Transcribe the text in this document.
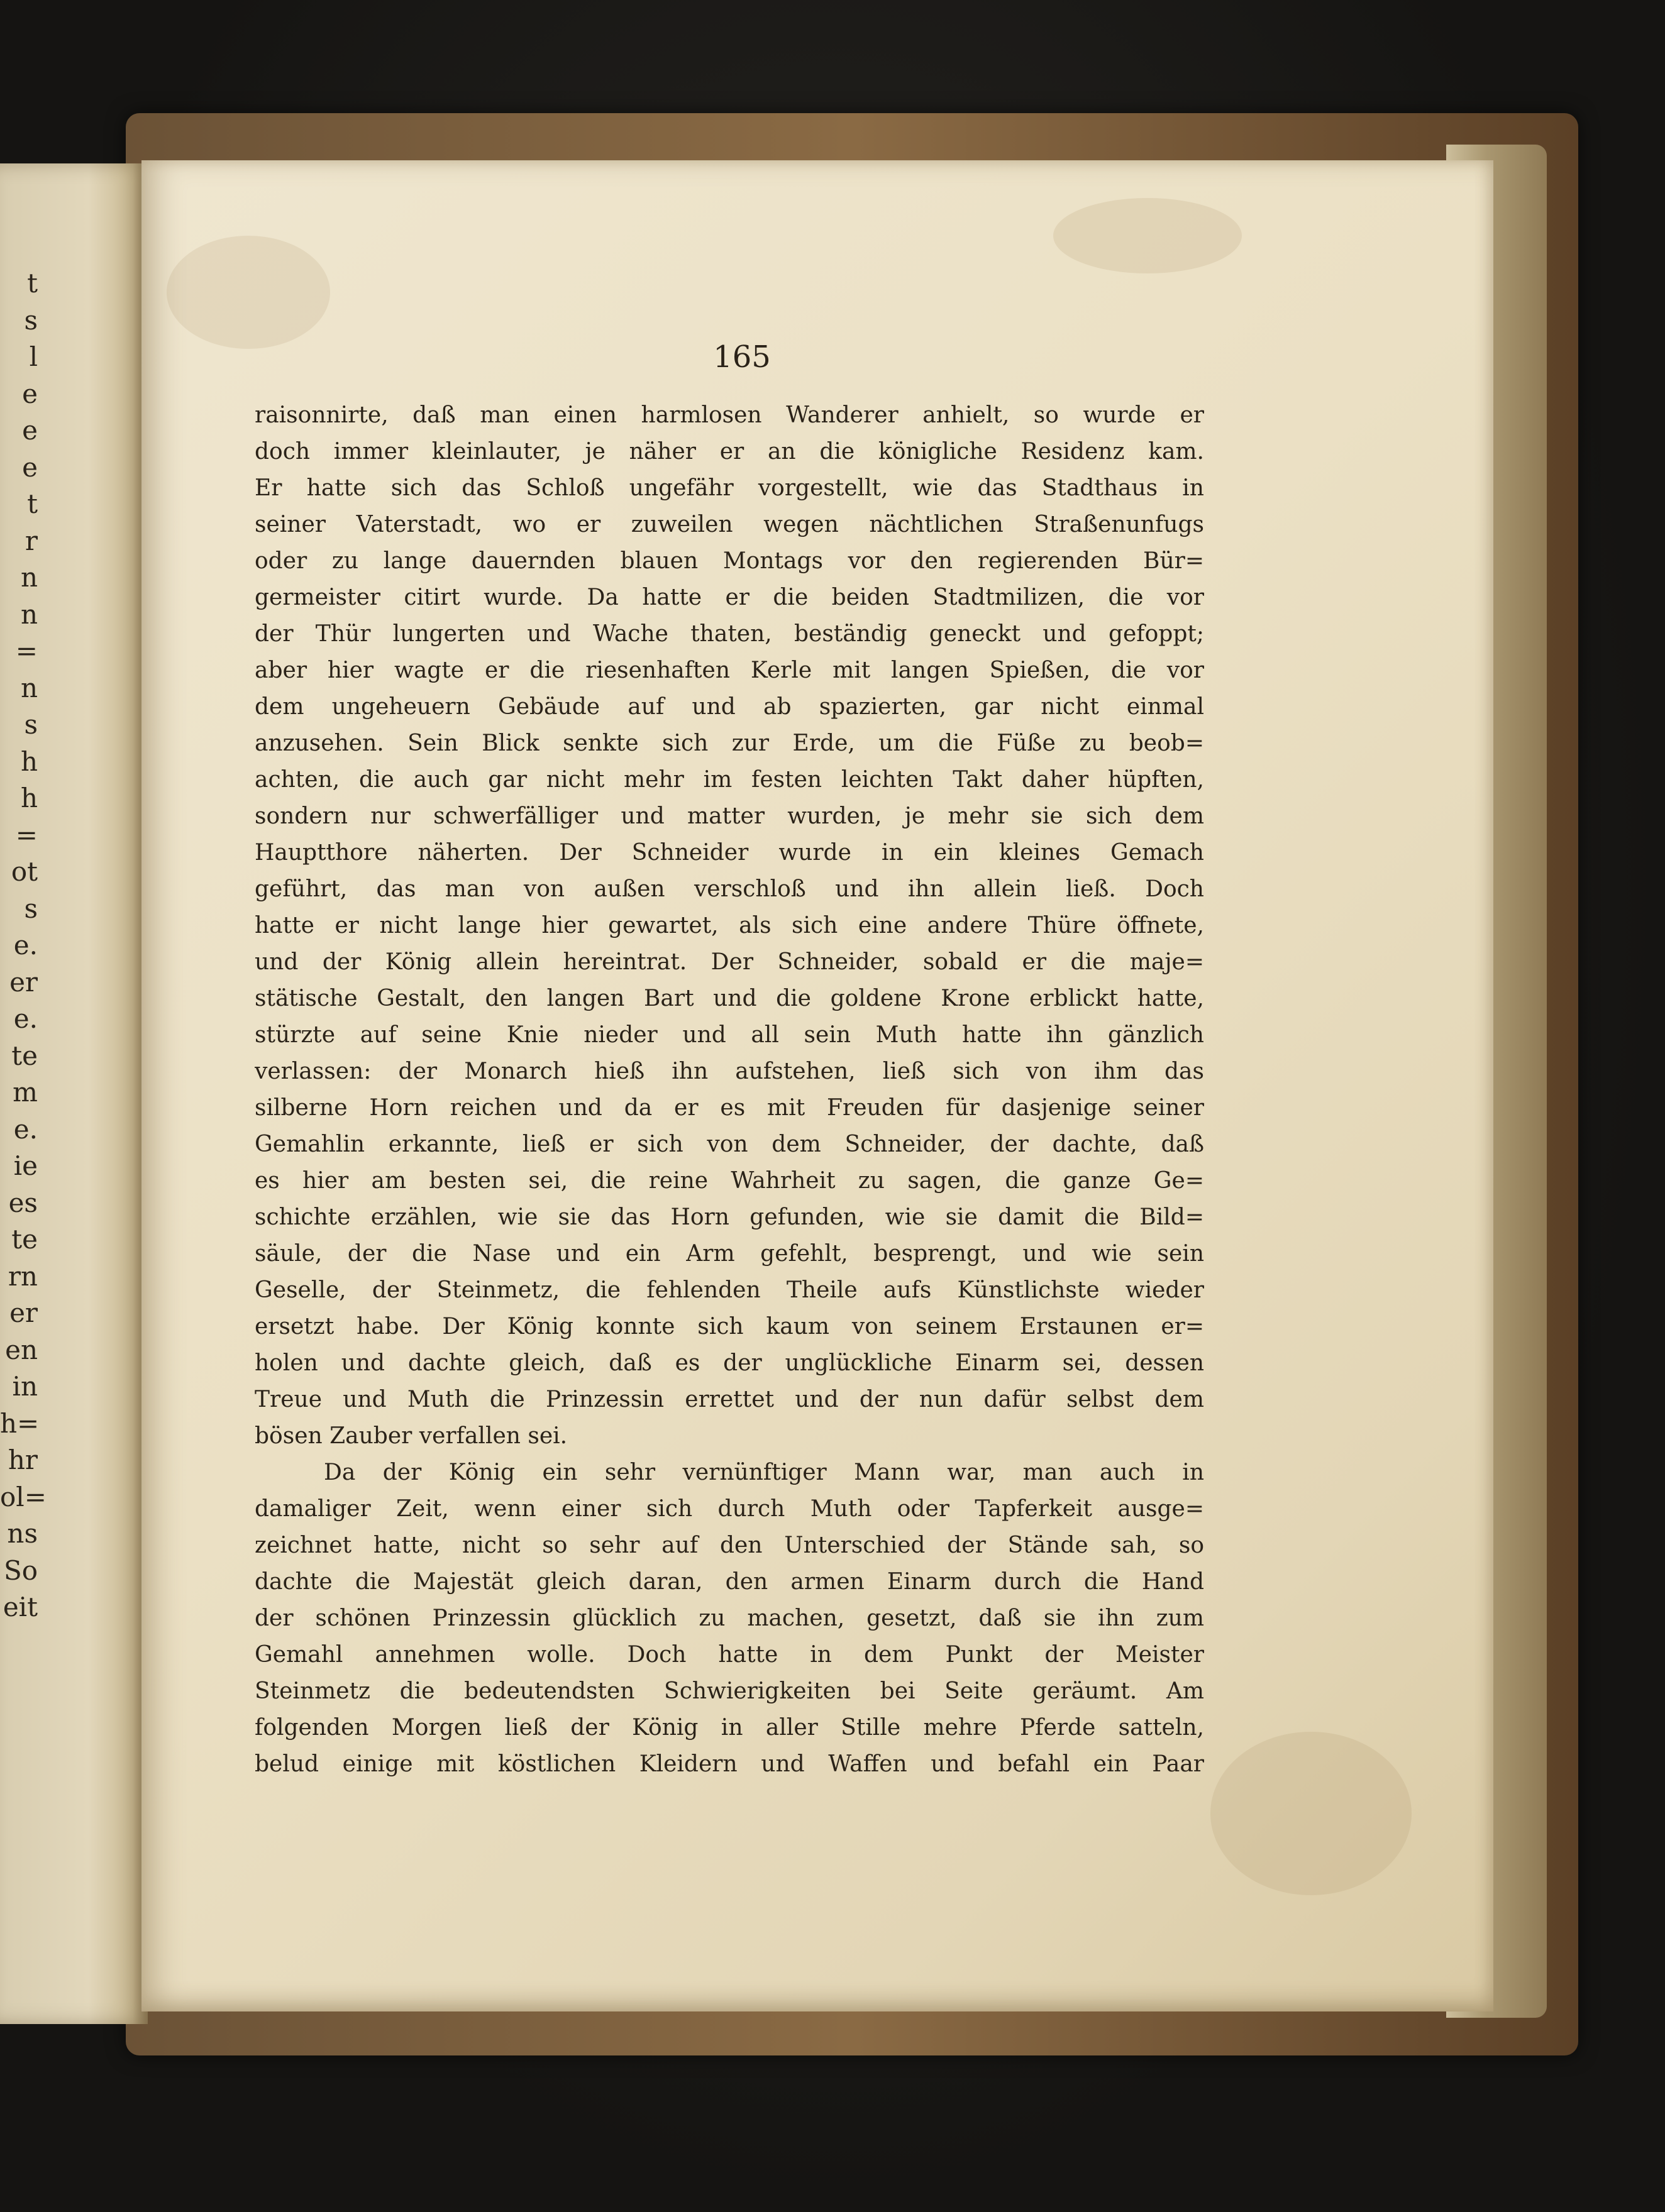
t
s
l
e
e
e
t
r
n
n
=
n
s
h
h
=
ot
s
e.
er
e.
te
m
e.
ie
es
te
rn
er
en
in
h=
hr
ol=
ns
So
eit
165
raisonnirte, daß man einen harmlosen Wanderer anhielt, so wurde er
doch immer kleinlauter, je näher er an die königliche Residenz kam.
Er hatte sich das Schloß ungefähr vorgestellt, wie das Stadthaus in
seiner Vaterstadt, wo er zuweilen wegen nächtlichen Straßenunfugs
oder zu lange dauernden blauen Montags vor den regierenden Bür=
germeister citirt wurde. Da hatte er die beiden Stadtmilizen, die vor
der Thür lungerten und Wache thaten, beständig geneckt und gefoppt;
aber hier wagte er die riesenhaften Kerle mit langen Spießen, die vor
dem ungeheuern Gebäude auf und ab spazierten, gar nicht einmal
anzusehen. Sein Blick senkte sich zur Erde, um die Füße zu beob=
achten, die auch gar nicht mehr im festen leichten Takt daher hüpften,
sondern nur schwerfälliger und matter wurden, je mehr sie sich dem
Hauptthore näherten. Der Schneider wurde in ein kleines Gemach
geführt, das man von außen verschloß und ihn allein ließ. Doch
hatte er nicht lange hier gewartet, als sich eine andere Thüre öffnete,
und der König allein hereintrat. Der Schneider, sobald er die maje=
stätische Gestalt, den langen Bart und die goldene Krone erblickt hatte,
stürzte auf seine Knie nieder und all sein Muth hatte ihn gänzlich
verlassen: der Monarch hieß ihn aufstehen, ließ sich von ihm das
silberne Horn reichen und da er es mit Freuden für dasjenige seiner
Gemahlin erkannte, ließ er sich von dem Schneider, der dachte, daß
es hier am besten sei, die reine Wahrheit zu sagen, die ganze Ge=
schichte erzählen, wie sie das Horn gefunden, wie sie damit die Bild=
säule, der die Nase und ein Arm gefehlt, besprengt, und wie sein
Geselle, der Steinmetz, die fehlenden Theile aufs Künstlichste wieder
ersetzt habe. Der König konnte sich kaum von seinem Erstaunen er=
holen und dachte gleich, daß es der unglückliche Einarm sei, dessen
Treue und Muth die Prinzessin errettet und der nun dafür selbst dem
bösen Zauber verfallen sei.
Da der König ein sehr vernünftiger Mann war, man auch in
damaliger Zeit, wenn einer sich durch Muth oder Tapferkeit ausge=
zeichnet hatte, nicht so sehr auf den Unterschied der Stände sah, so
dachte die Majestät gleich daran, den armen Einarm durch die Hand
der schönen Prinzessin glücklich zu machen, gesetzt, daß sie ihn zum
Gemahl annehmen wolle. Doch hatte in dem Punkt der Meister
Steinmetz die bedeutendsten Schwierigkeiten bei Seite geräumt. Am
folgenden Morgen ließ der König in aller Stille mehre Pferde satteln,
belud einige mit köstlichen Kleidern und Waffen und befahl ein Paar
